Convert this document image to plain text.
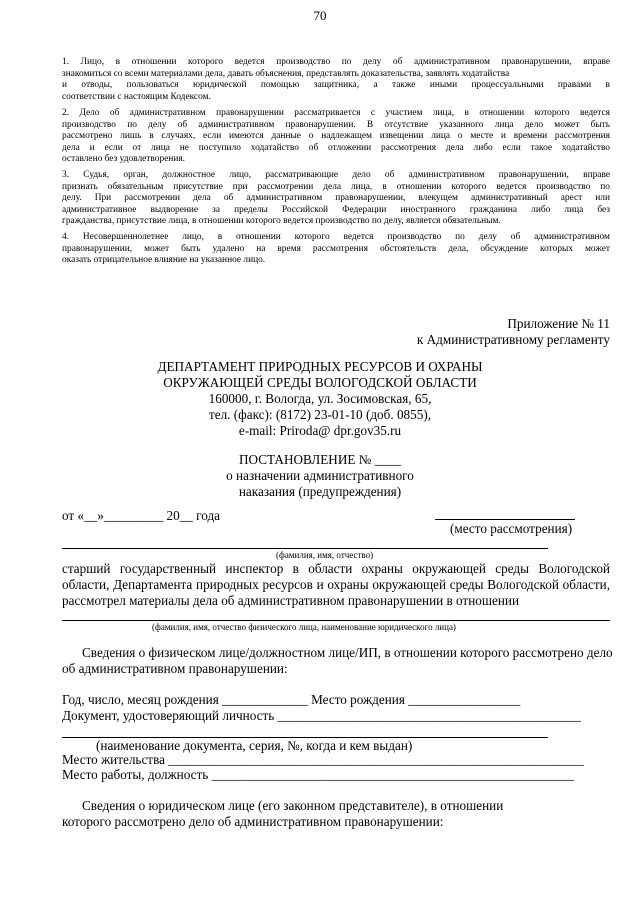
70
1. Лицо, в отношении которого ведется производство по делу об административном правонарушении, вправе
знакомиться со всеми материалами дела, давать объяснения, представлять доказательства, заявлять ходатайства
и отводы, пользоваться юридической помощью защитника, а также иными процессуальными правами в
соответствии с настоящим Кодексом.
2. Дело об административном правонарушении рассматривается с участием лица, в отношении которого ведется
производство по делу об административном правонарушении. В отсутствие указанного лица дело может быть
рассмотрено лишь в случаях, если имеются данные о надлежащем извещении лица о месте и времени рассмотрения
дела и если от лица не поступило ходатайство об отложении рассмотрения дела либо если такое ходатайство
оставлено без удовлетворения.
3. Судья, орган, должностное лицо, рассматривающие дело об административном правонарушении, вправе
признать обязательным присутствие при рассмотрении дела лица, в отношении которого ведется производство по
делу. При рассмотрении дела об административном правонарушении, влекущем административный арест или
административное выдворение за пределы Российской Федерации иностранного гражданина либо лица без
гражданства, присутствие лица, в отношении которого ведется производство по делу, является обязательным.
4. Несовершеннолетнее лицо, в отношении которого ведется производство по делу об административном
правонарушении, может быть удалено на время рассмотрения обстоятельств дела, обсуждение которых может
оказать отрицательное влияние на указанное лицо.
Приложение № 11
к Административному регламенту
ДЕПАРТАМЕНТ ПРИРОДНЫХ РЕСУРСОВ И ОХРАНЫ
ОКРУЖАЮЩЕЙ СРЕДЫ ВОЛОГОДСКОЙ ОБЛАСТИ
160000, г. Вологда, ул. Зосимовская, 65,
тел. (факс): (8172) 23-01-10 (доб. 0855),
e-mail: Priroda@ dpr.gov35.ru
ПОСТАНОВЛЕНИЕ № ____
о назначении административного
наказания (предупреждения)
от «__»_________ 20__ года
(место рассмотрения)
(фамилия, имя, отчество)
старший государственный инспектор в области охраны окружающей среды Вологодской
области, Департамента природных ресурсов и охраны окружающей среды Вологодской области,
рассмотрел материалы дела об административном правонарушении в отношении
(фамилия, имя, отчество физического лица, наименование юридического лица)
Сведения о физическом лице/должностном лице/ИП, в отношении которого рассмотрено дело
об административном правонарушении:
Год, число, месяц рождения _____________ Место рождения _________________
Документ, удостоверяющий личность ______________________________________________
(наименование документа, серия, №, когда и кем выдан)
Место жительства _______________________________________________________________
Место работы, должность _______________________________________________________
Сведения о юридическом лице (его законном представителе), в отношении
которого рассмотрено дело об административном правонарушении:
